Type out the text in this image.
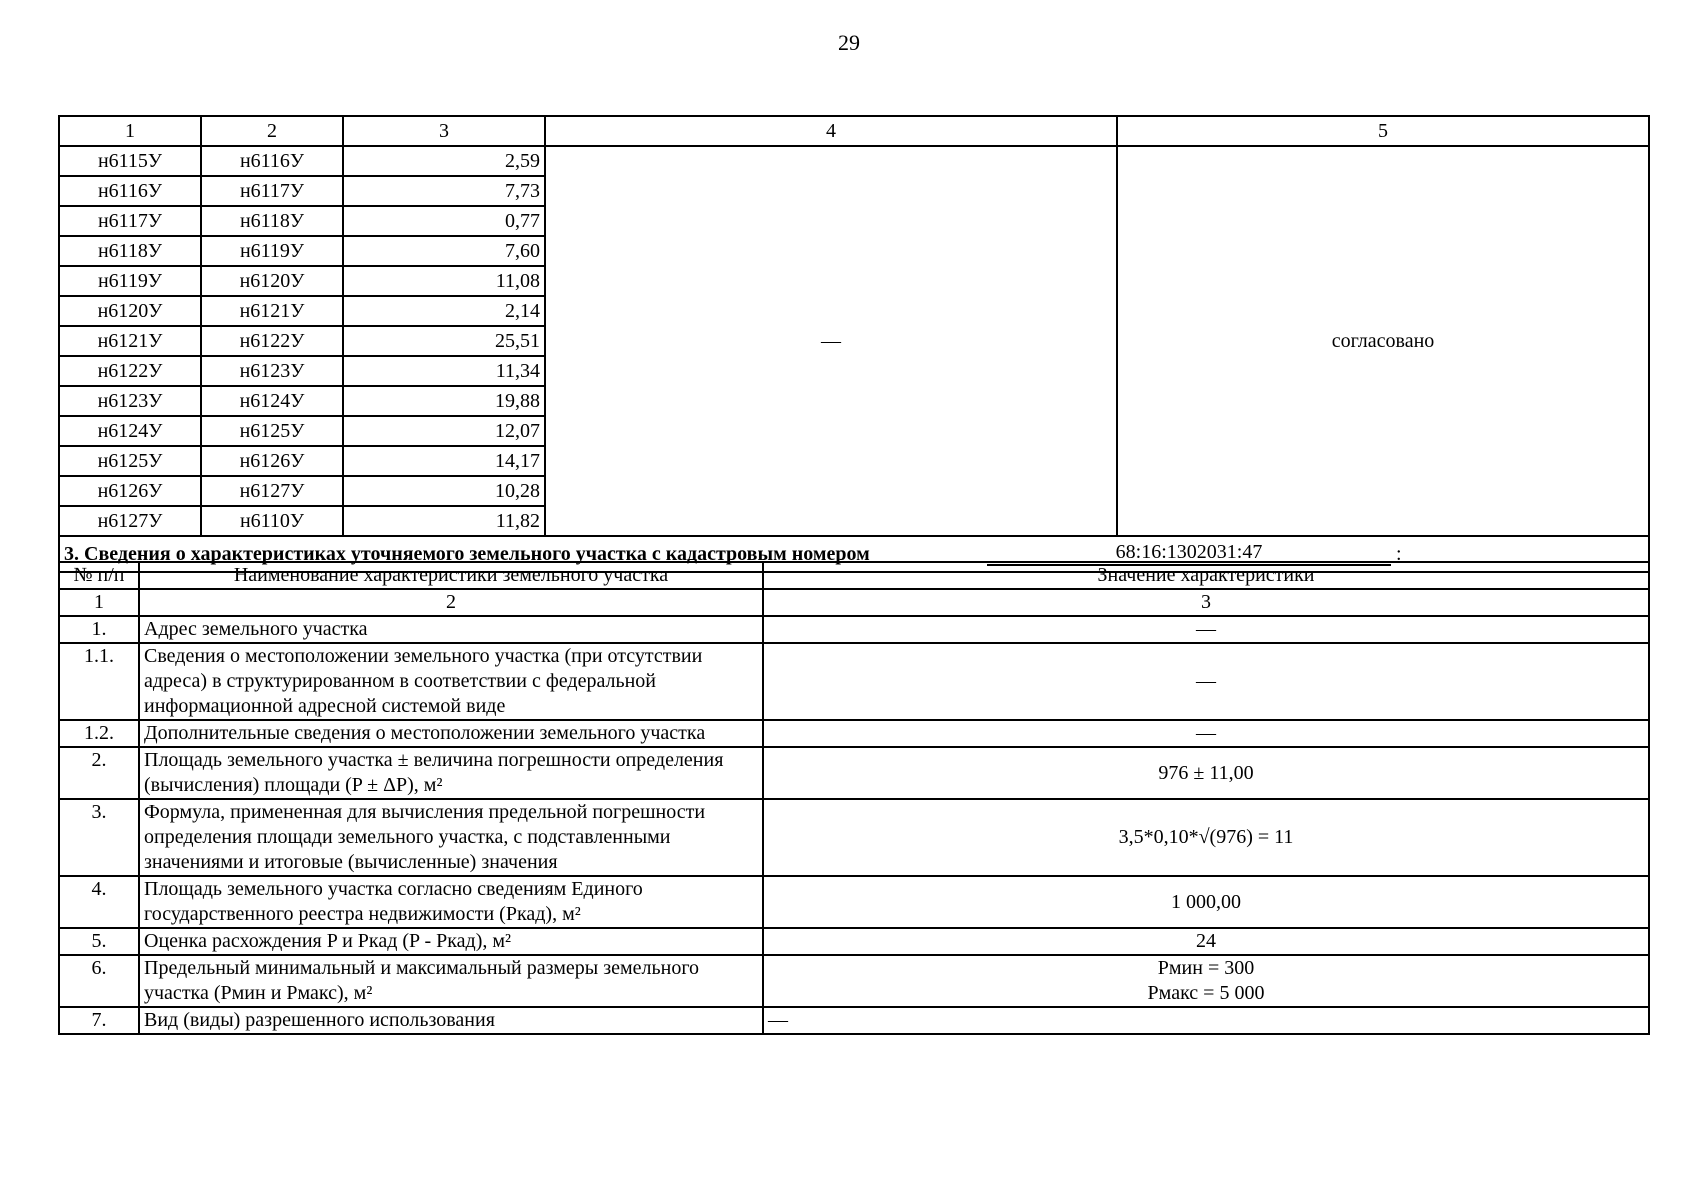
29
1	2	3	4	5
н6115У	н6116У	2,59	—	согласовано
н6116У	н6117У	7,73		
н6117У	н6118У	0,77		
н6118У	н6119У	7,60		
н6119У	н6120У	11,08		
н6120У	н6121У	2,14		
н6121У	н6122У	25,51		
н6122У	н6123У	11,34		
н6123У	н6124У	19,88		
н6124У	н6125У	12,07		
н6125У	н6126У	14,17		
н6126У	н6127У	10,28		
н6127У	н6110У	11,82		
3. Сведения о характеристиках уточняемого земельного участка с кадастровым номером 68:16:1302031:47 :				
№ п/п	Наименование характеристики земельного участка	Значение характеристики
1	2	3
1.	Адрес земельного участка	—
1.1.	Сведения о местоположении земельного участка (при отсутствии адреса) в структурированном в соответствии с федеральной информационной адресной системой виде	—
1.2.	Дополнительные сведения о местоположении земельного участка	—
2.	Площадь земельного участка ± величина погрешности определения (вычисления) площади (P ± ΔP), м²	976 ± 11,00
3.	Формула, примененная для вычисления предельной погрешности определения площади земельного участка, с подставленными значениями и итоговые (вычисленные) значения	3,5*0,10*√(976) = 11
4.	Площадь земельного участка согласно сведениям Единого государственного реестра недвижимости (Pкад), м²	1 000,00
5.	Оценка расхождения P и Pкад (P - Pкад), м²	24
6.	Предельный минимальный и максимальный размеры земельного участка (Pмин и Pмакс), м²	Pмин = 300
Pмакс = 5 000

7.	Вид (виды) разрешенного использования	—
